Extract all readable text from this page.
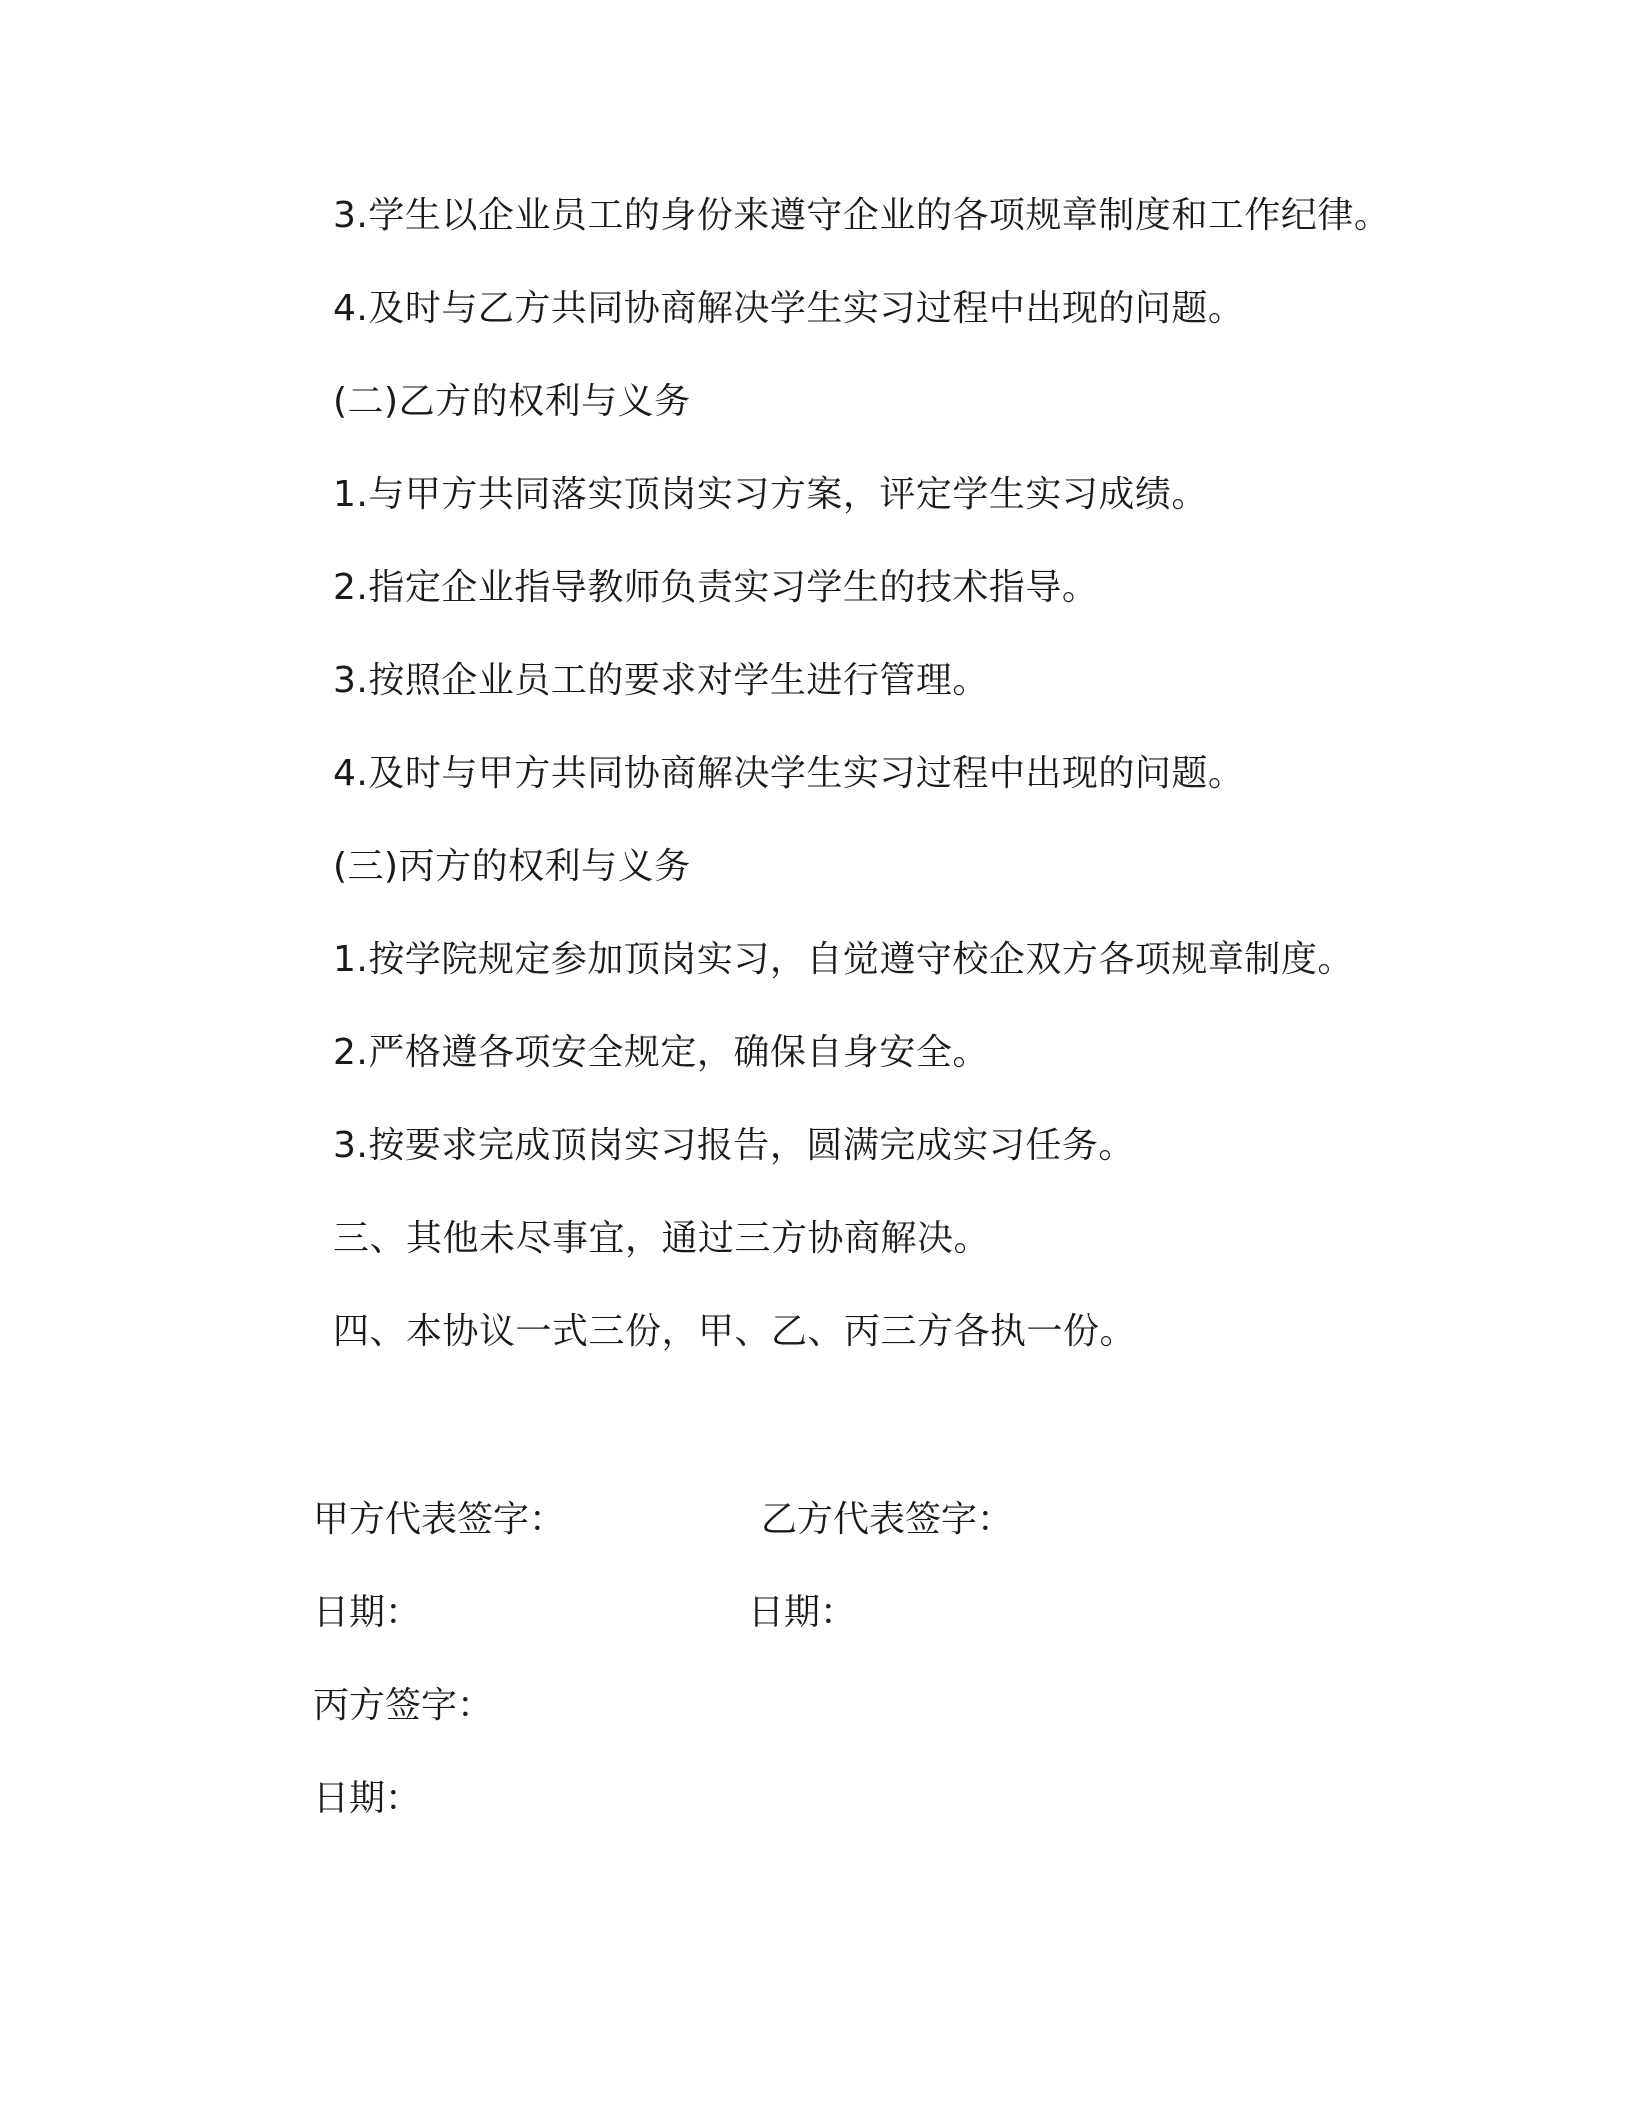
3.学生以企业员工的身份来遵守企业的各项规章制度和工作纪律。
4.及时与乙方共同协商解决学生实习过程中出现的问题。
(二)乙方的权利与义务
1.与甲方共同落实顶岗实习方案，评定学生实习成绩。
2.指定企业指导教师负责实习学生的技术指导。
3.按照企业员工的要求对学生进行管理。
4.及时与甲方共同协商解决学生实习过程中出现的问题。
(三)丙方的权利与义务
1.按学院规定参加顶岗实习，自觉遵守校企双方各项规章制度。
2.严格遵各项安全规定，确保自身安全。
3.按要求完成顶岗实习报告，圆满完成实习任务。
三、其他未尽事宜，通过三方协商解决。
四、本协议一式三份，甲、乙、丙三方各执一份。
甲方代表签字：	乙方代表签字：
日期：	日期：
丙方签字：
日期：
